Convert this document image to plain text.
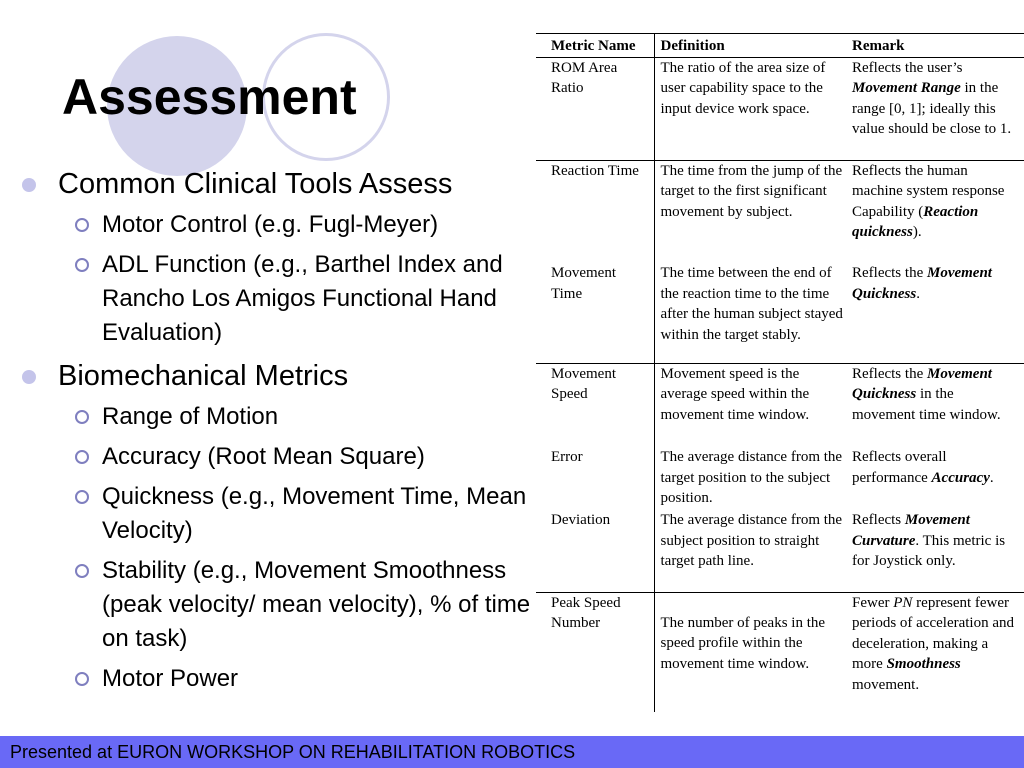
Assessment
Common Clinical Tools Assess
Motor Control (e.g. Fugl-Meyer)
ADL Function (e.g., Barthel Index and Rancho Los Amigos Functional Hand Evaluation)
Biomechanical Metrics
Range of Motion
Accuracy (Root Mean Square)
Quickness (e.g., Movement Time, Mean Velocity)
Stability (e.g., Movement Smoothness (peak velocity/ mean velocity), % of time on task)
Motor Power
Metric Name	Definition	Remark
ROM Area Ratio	The ratio of the area size of user capability space to the input device work space.	Reflects the user’s Movement Range in the range [0, 1]; ideally this value should be close to 1.
Reaction Time	The time from the jump of the target to the first significant movement by subject.	Reflects the human machine system response Capability (Reaction quickness).
Movement Time	The time between the end of the reaction time to the time after the human subject stayed within the target stably.	Reflects the Movement Quickness.
Movement Speed	Movement speed is the average speed within the movement time window.	Reflects the Movement Quickness in the movement time window.
Error	The average distance from the target position to the subject position.	Reflects overall performance Accuracy.
Deviation	The average distance from the subject position to straight target path line.	Reflects Movement Curvature. This metric is for Joystick only.
Peak Speed Number	The number of peaks in the speed profile within the movement time window.	Fewer PN represent fewer periods of acceleration and deceleration, making a more Smoothness movement.
Presented at EURON WORKSHOP ON REHABILITATION ROBOTICS
